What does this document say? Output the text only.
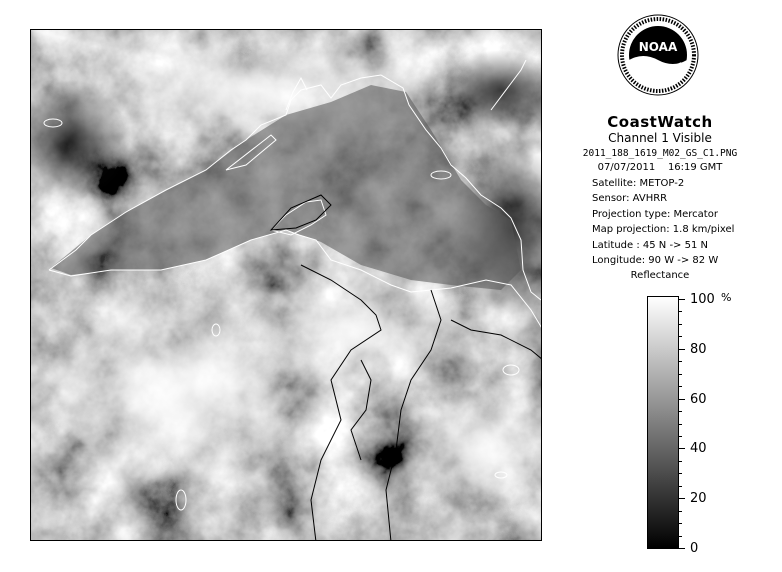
NOAA
CoastWatch
Channel 1 Visible
2011_188_1619_M02_GS_C1.PNG
07/07/2011 16:19 GMT
Satellite: METOP-2
Sensor: AVHRR
Projection type: Mercator
Map projection: 1.8 km/pixel
Latitude : 45 N -> 51 N
Longitude: 90 W -> 82 W
Reflectance
%
100
80
60
40
20
0
